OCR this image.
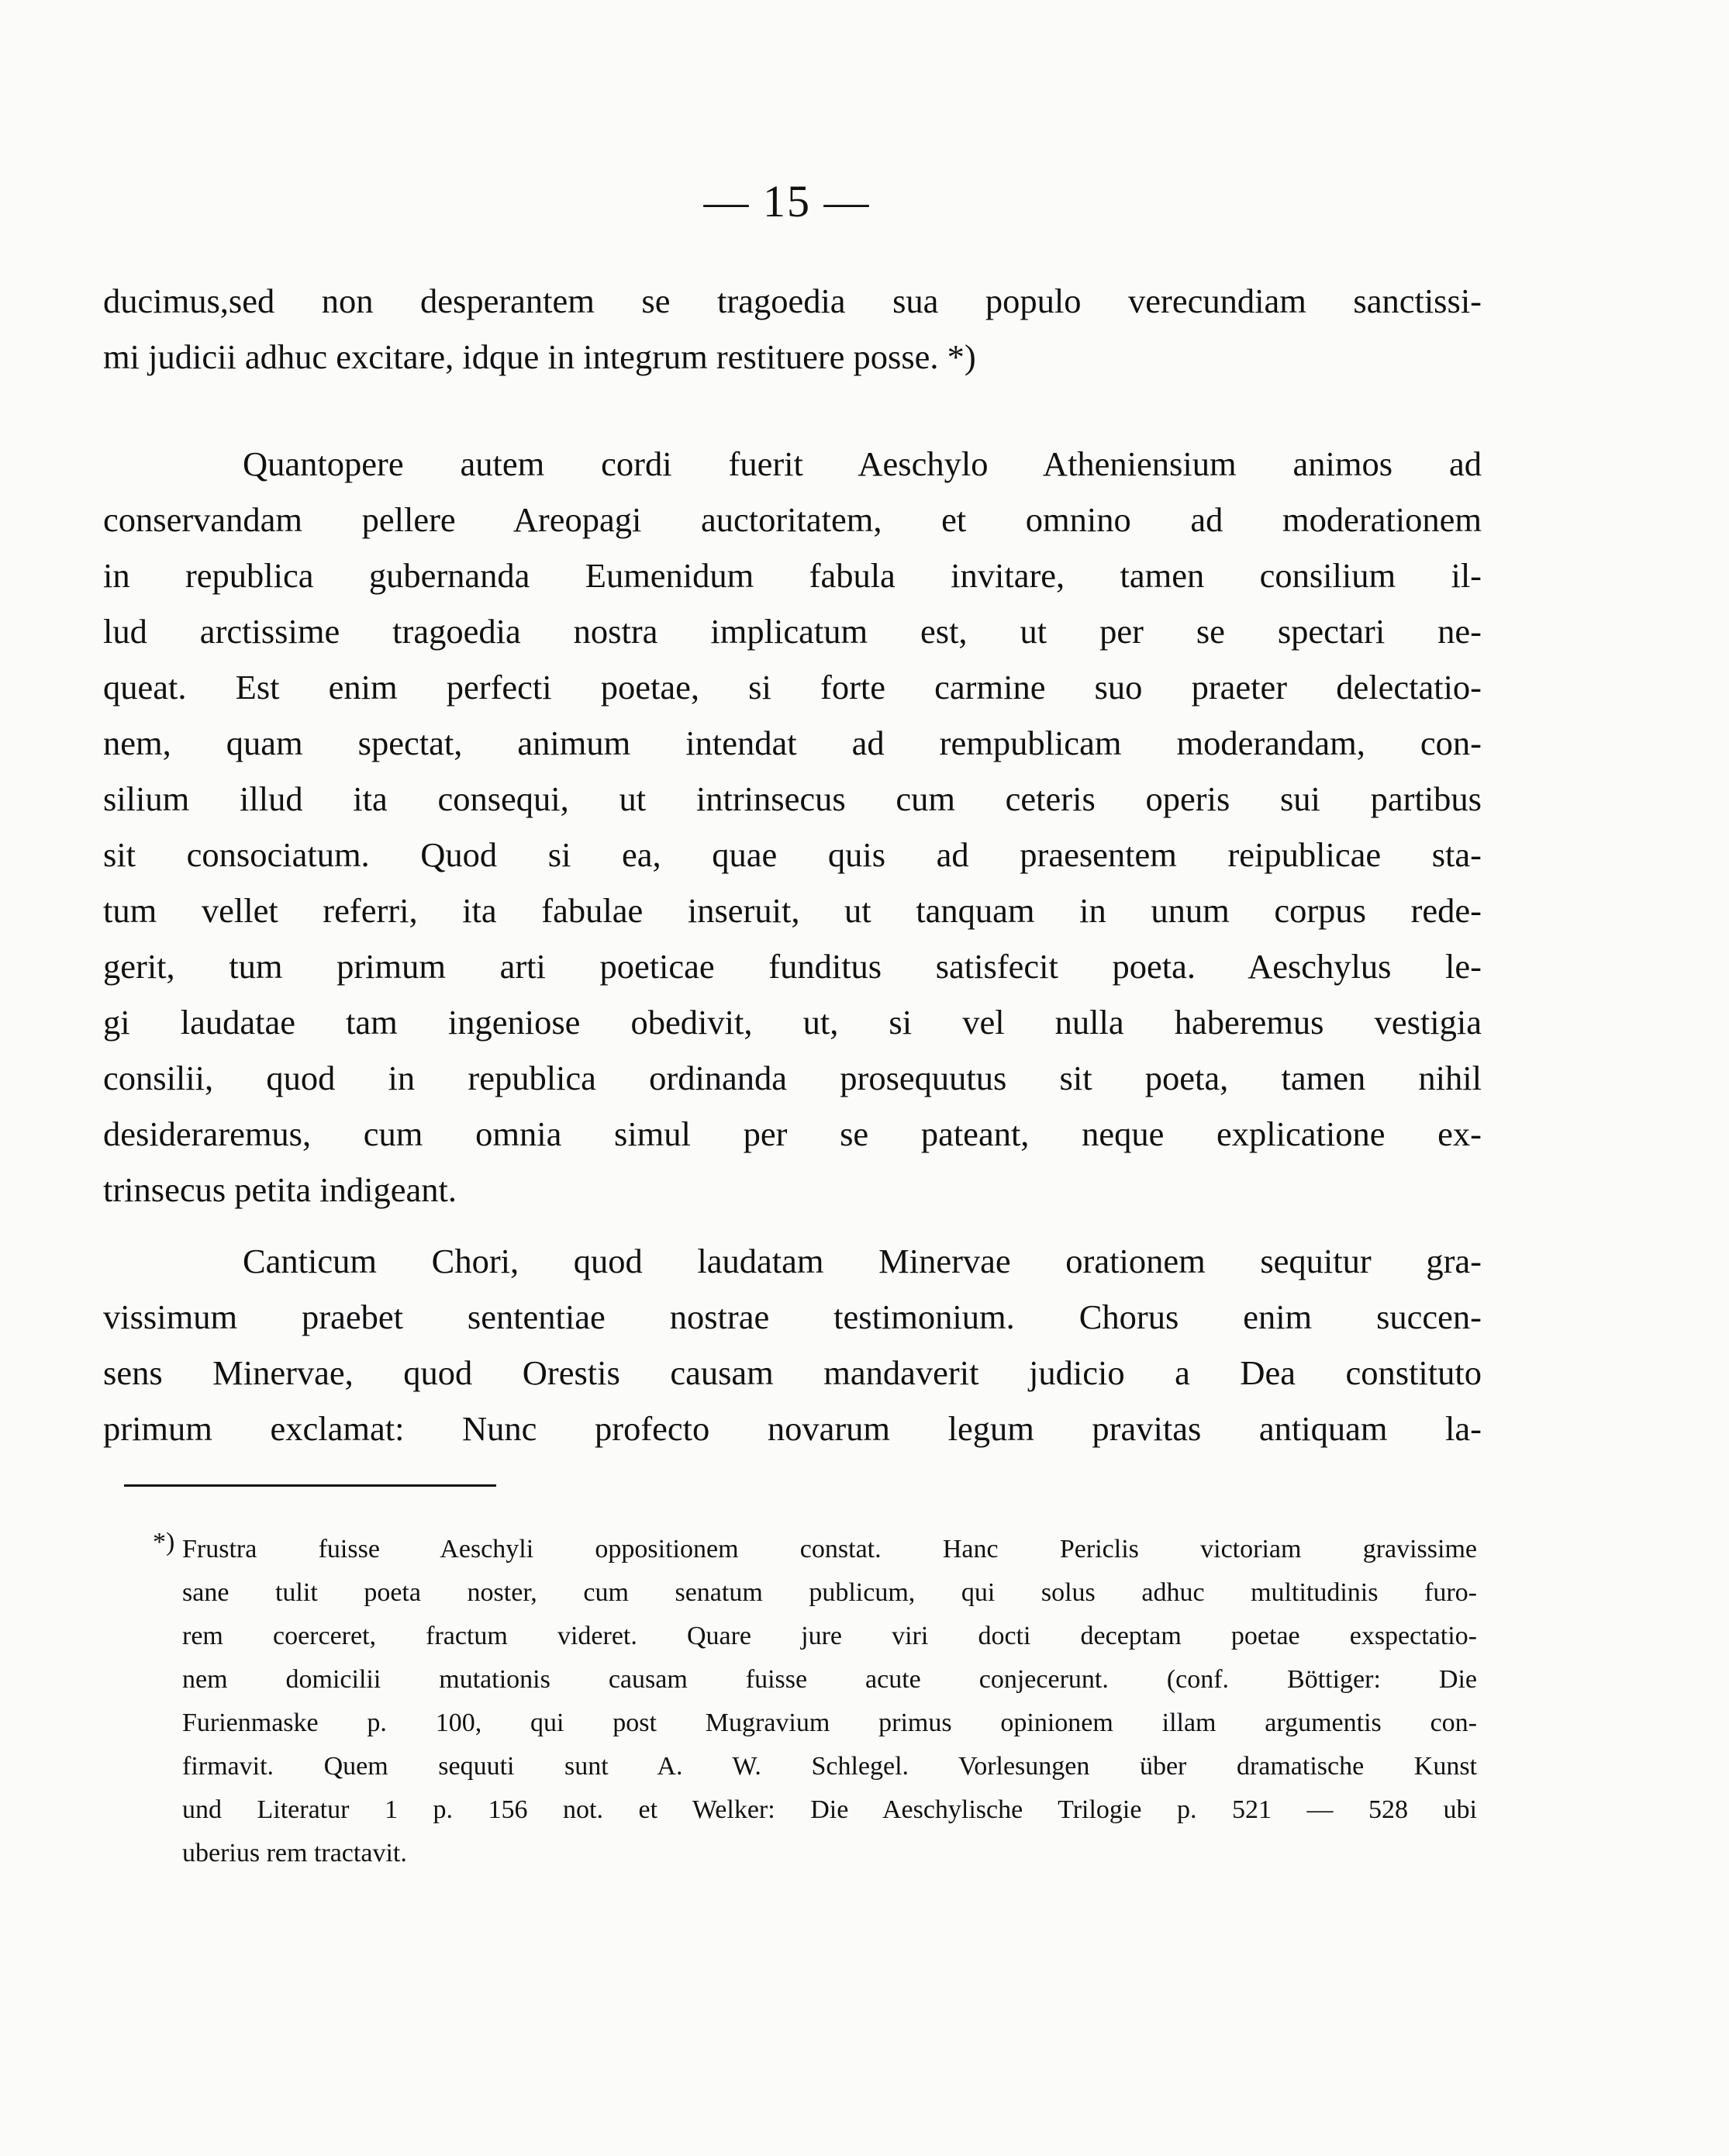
— 15 —
ducimus,sed non desperantem se tragoedia sua populo verecundiam sanctissi-
mi judicii adhuc excitare, idque in integrum restituere posse. *)
Quantopere autem cordi fuerit Aeschylo Atheniensium animos ad
conservandam pellere Areopagi auctoritatem, et omnino ad moderationem
in republica gubernanda Eumenidum fabula invitare, tamen consilium il-
lud arctissime tragoedia nostra implicatum est, ut per se spectari ne-
queat. Est enim perfecti poetae, si forte carmine suo praeter delectatio-
nem, quam spectat, animum intendat ad rempublicam moderandam, con-
silium illud ita consequi, ut intrinsecus cum ceteris operis sui partibus
sit consociatum. Quod si ea, quae quis ad praesentem reipublicae sta-
tum vellet referri, ita fabulae inseruit, ut tanquam in unum corpus rede-
gerit, tum primum arti poeticae funditus satisfecit poeta. Aeschylus le-
gi laudatae tam ingeniose obedivit, ut, si vel nulla haberemus vestigia
consilii, quod in republica ordinanda prosequutus sit poeta, tamen nihil
desideraremus, cum omnia simul per se pateant, neque explicatione ex-
trinsecus petita indigeant.
Canticum Chori, quod laudatam Minervae orationem sequitur gra-
vissimum praebet sententiae nostrae testimonium. Chorus enim succen-
sens Minervae, quod Orestis causam mandaverit judicio a Dea constituto
primum exclamat: Nunc profecto novarum legum pravitas antiquam la-
*) Frustra fuisse Aeschyli oppositionem constat. Hanc Periclis victoriam gravissime
sane tulit poeta noster, cum senatum publicum, qui solus adhuc multitudinis furo-
rem coerceret, fractum videret. Quare jure viri docti deceptam poetae exspectatio-
nem domicilii mutationis causam fuisse acute conjecerunt. (conf. Böttiger: Die
Furienmaske p. 100, qui post Mugravium primus opinionem illam argumentis con-
firmavit. Quem sequuti sunt A. W. Schlegel. Vorlesungen über dramatische Kunst
und Literatur 1 p. 156 not. et Welker: Die Aeschylische Trilogie p. 521 — 528 ubi
uberius rem tractavit.
